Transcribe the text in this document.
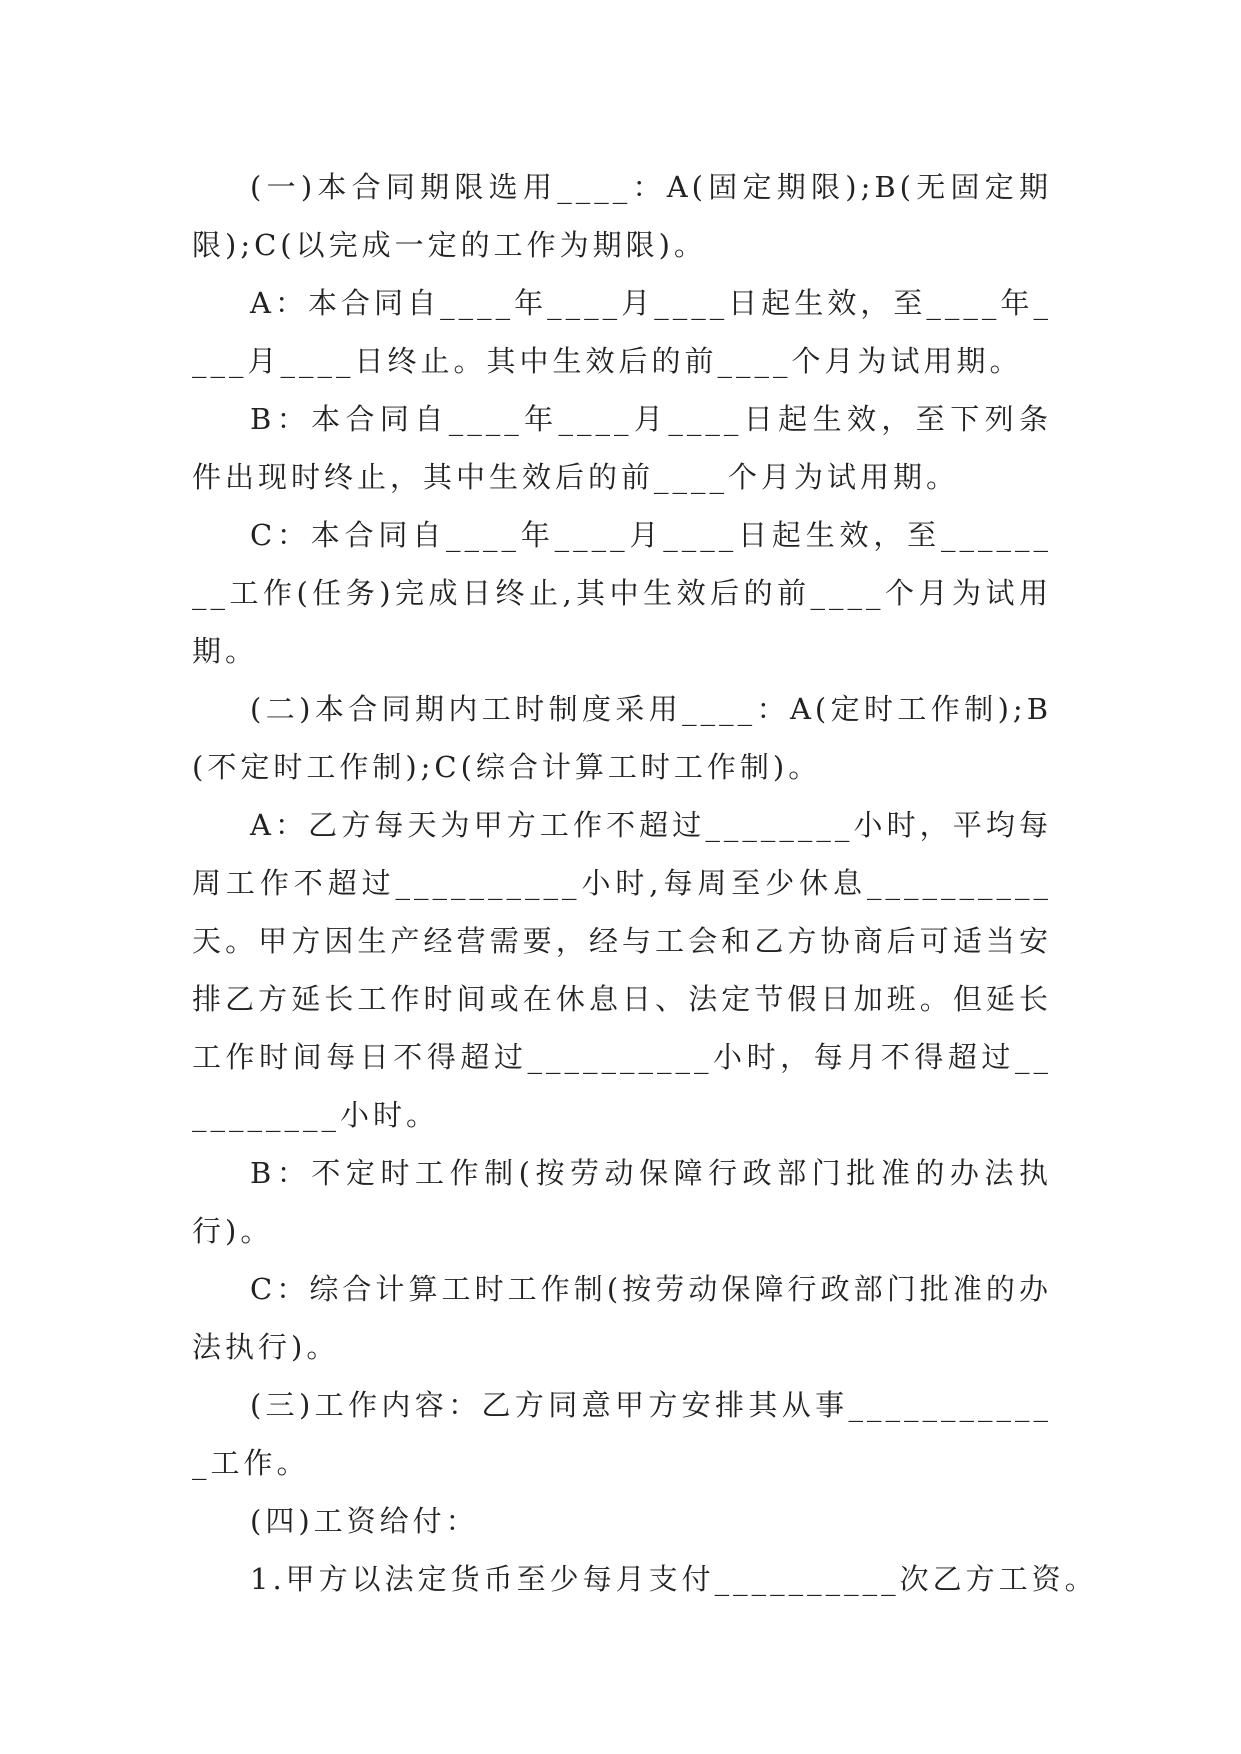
(一)本合同期限选用____：A(固定期限);B(无固定期限);C(以完成一定的工作为期限)。

A：本合同自____年____月____日起生效，至____年____月____日终止。其中生效后的前____个月为试用期。

B：本合同自____年____月____日起生效，至下列条件出现时终止，其中生效后的前____个月为试用期。

C：本合同自____年____月____日起生效，至________工作(任务)完成日终止,其中生效后的前____个月为试用期。

(二)本合同期内工时制度采用____：A(定时工作制);B(不定时工作制);C(综合计算工时工作制)。

A：乙方每天为甲方工作不超过________小时，平均每周工作不超过__________小时,每周至少休息__________天。甲方因生产经营需要，经与工会和乙方协商后可适当安排乙方延长工作时间或在休息日、法定节假日加班。但延长工作时间每日不得超过__________小时，每月不得超过__________小时。

B：不定时工作制(按劳动保障行政部门批准的办法执行)。

C：综合计算工时工作制(按劳动保障行政部门批准的办法执行)。

(三)工作内容：乙方同意甲方安排其从事____________工作。

(四)工资给付：

1.甲方以法定货币至少每月支付__________次乙方工资。
